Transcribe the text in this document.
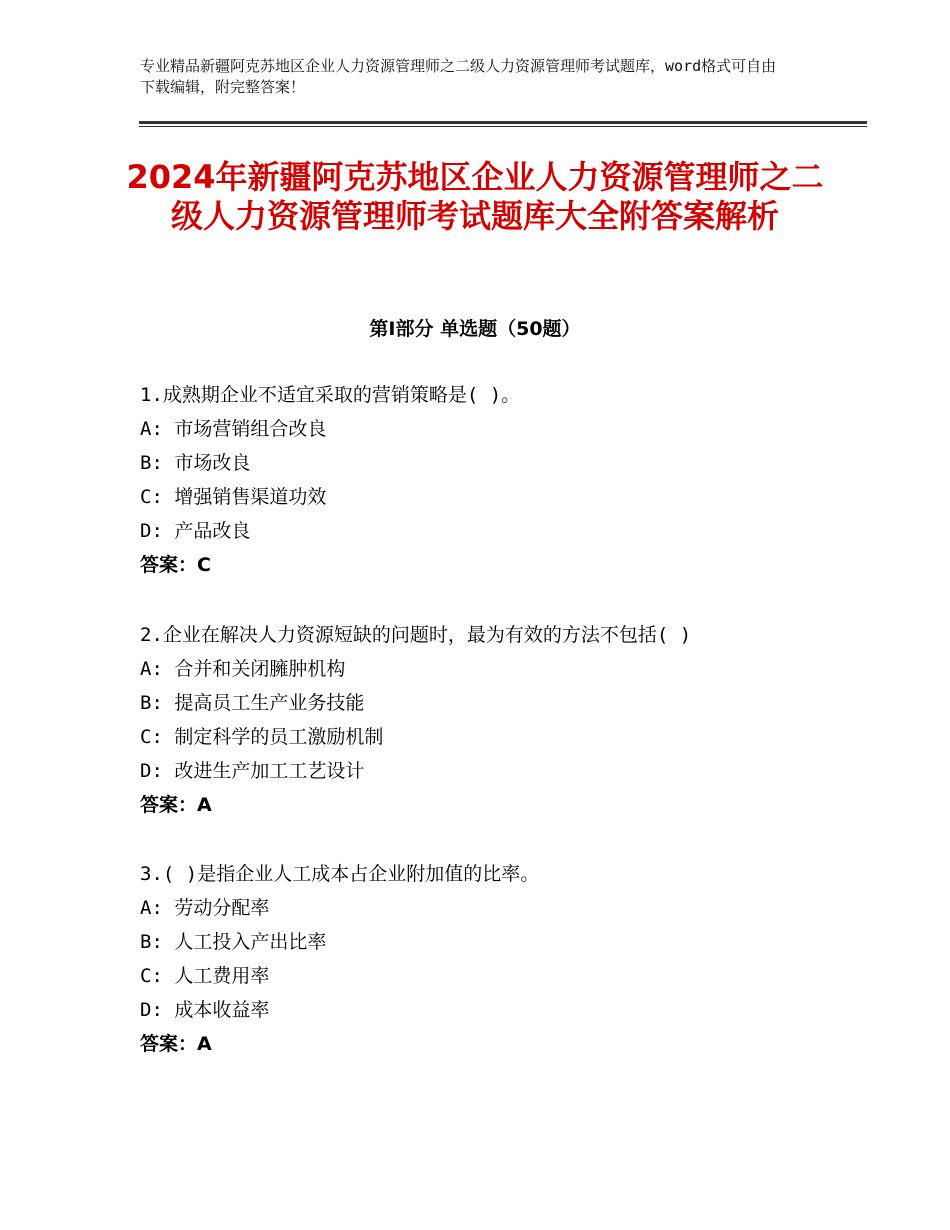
专业精品新疆阿克苏地区企业人力资源管理师之二级人力资源管理师考试题库，word格式可自由下载编辑，附完整答案！
2024年新疆阿克苏地区企业人力资源管理师之二级人力资源管理师考试题库大全附答案解析
第Ⅰ部分 单选题（50题）
1.成熟期企业不适宜采取的营销策略是( )。
A: 市场营销组合改良
B: 市场改良
C: 增强销售渠道功效
D: 产品改良
答案：C
2.企业在解决人力资源短缺的问题时，最为有效的方法不包括( )
A: 合并和关闭臃肿机构
B: 提高员工生产业务技能
C: 制定科学的员工激励机制
D: 改进生产加工工艺设计
答案：A
3.( )是指企业人工成本占企业附加值的比率。
A: 劳动分配率
B: 人工投入产出比率
C: 人工费用率
D: 成本收益率
答案：A
